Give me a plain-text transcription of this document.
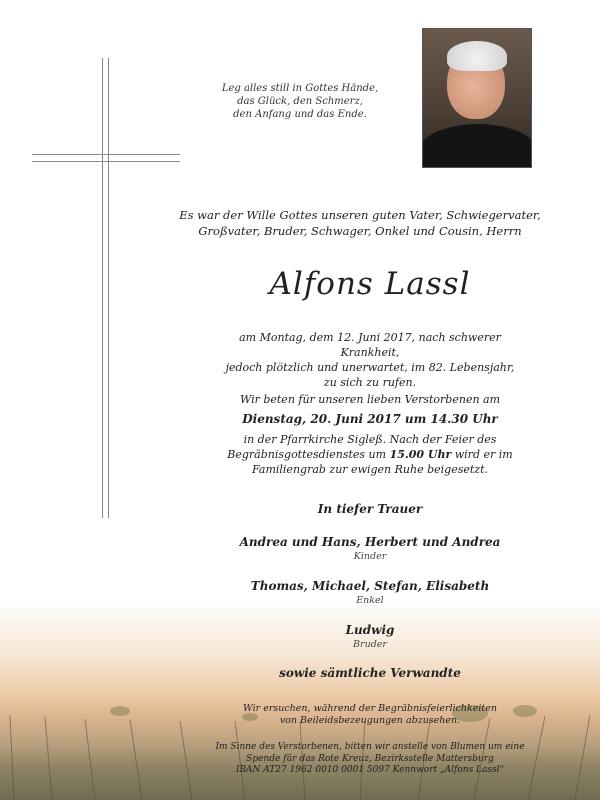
Leg alles still in Gottes Hände,
das Glück, den Schmerz,
den Anfang und das Ende.
Es war der Wille Gottes unseren guten Vater, Schwiegervater,
Großvater, Bruder, Schwager, Onkel und Cousin, Herrn
Alfons Lassl
am Montag, dem 12. Juni 2017, nach schwerer Krankheit,
jedoch plötzlich und unerwartet, im 82. Lebensjahr,
zu sich zu rufen.
Wir beten für unseren lieben Verstorbenen am
Dienstag, 20. Juni 2017 um 14.30 Uhr
in der Pfarrkirche Sigleß. Nach der Feier des
Begräbnisgottesdienstes um 15.00 Uhr wird er im
Familiengrab zur ewigen Ruhe beigesetzt.
In tiefer Trauer
Andrea und Hans, Herbert und Andrea
Kinder
Thomas, Michael, Stefan, Elisabeth
Enkel
Ludwig
Bruder
sowie sämtliche Verwandte
Wir ersuchen, während der Begräbnisfeierlichkeiten
von Beileidsbezeugungen abzusehen.
Im Sinne des Verstorbenen, bitten wir anstelle von Blumen um eine
Spende für das Rote Kreuz, Bezirksstelle Mattersburg
IBAN AT27 1962 0010 0001 5097 Kennwort „Alfons Lassl“
